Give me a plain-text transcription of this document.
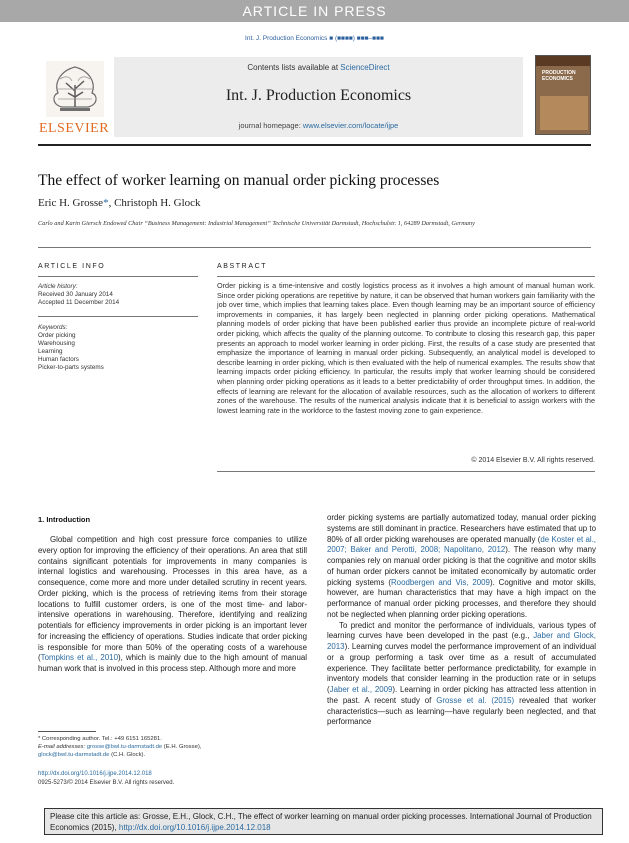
ARTICLE IN PRESS
Int. J. Production Economics ■ (■■■■) ■■■–■■■
ELSEVIER
Contents lists available at ScienceDirect
Int. J. Production Economics
journal homepage: www.elsevier.com/locate/ijpe
PRODUCTION ECONOMICS
The effect of worker learning on manual order picking processes
Eric H. Grosse*, Christoph H. Glock
Carlo and Karin Giersch Endowed Chair “Business Management: Industrial Management” Technische Universität Darmstadt, Hochschulstr. 1, 64289 Darmstadt, Germany
ARTICLE INFO
Article history:
Received 30 January 2014
Accepted 11 December 2014
Keywords:
Order picking
Warehousing
Learning
Human factors
Picker-to-parts systems
ABSTRACT
Order picking is a time-intensive and costly logistics process as it involves a high amount of manual human work. Since order picking operations are repetitive by nature, it can be observed that human workers gain familiarity with the job over time, which implies that learning takes place. Even though learning may be an important source of efficiency improvements in companies, it has largely been neglected in planning order picking operations. Mathematical planning models of order picking that have been published earlier thus provide an incomplete picture of real-world order picking, which affects the quality of the planning outcome. To contribute to closing this research gap, this paper presents an approach to model worker learning in order picking. First, the results of a case study are presented that emphasize the importance of learning in manual order picking. Subsequently, an analytical model is developed to describe learning in order picking, which is then evaluated with the help of numerical examples. The results show that learning impacts order picking efficiency. In particular, the results imply that worker learning should be considered when planning order picking operations as it leads to a better predictability of order throughput times. In addition, the effects of learning are relevant for the allocation of available resources, such as the allocation of workers to different zones of the warehouse. The results of the numerical analysis indicate that it is beneficial to assign workers with the lowest learning rate in the workforce to the fastest moving zone to gain experience.
© 2014 Elsevier B.V. All rights reserved.
1. Introduction

Global competition and high cost pressure force companies to utilize every option for improving the efficiency of their operations. An area that still contains significant potentials for improvements in many companies is internal logistics and warehousing. Processes in this area have, as a consequence, come more and more under detailed scrutiny in recent years. Order picking, which is the process of retrieving items from their storage locations to fulfill customer orders, is one of the most time- and labor-intensive operations in warehousing. Therefore, identifying and realizing potentials for efficiency improvements in order picking is an important lever for increasing the efficiency of operations. Studies indicate that order picking is responsible for more than 50% of the operating costs of a warehouse (Tompkins et al., 2010), which is mainly due to the high amount of manual human work that is involved in this process step. Although more and more

order picking systems are partially automatized today, manual order picking systems are still dominant in practice. Researchers have estimated that up to 80% of all order picking warehouses are operated manually (de Koster et al., 2007; Baker and Perotti, 2008; Napolitano, 2012). The reason why many companies rely on manual order picking is that the cognitive and motor skills of human order pickers cannot be imitated economically by automatic order picking systems (Roodbergen and Vis, 2009). Cognitive and motor skills, however, are human characteristics that may have a high impact on the performance of manual order picking processes, and therefore they should not be neglected when planning order picking operations.

To predict and monitor the performance of individuals, various types of learning curves have been developed in the past (e.g., Jaber and Glock, 2013). Learning curves model the performance improvement of an individual or a group performing a task over time as a result of accumulated experience. They facilitate better performance predictability, for example in inventory models that consider learning in the production rate or in setups (Jaber et al., 2009). Learning in order picking has attracted less attention in the past. A recent study of Grosse et al. (2015) revealed that worker characteristics—such as learning—have regularly been neglected, and that performance

* Corresponding author. Tel.: +49 6151 165281.
E-mail addresses: grosse@bwl.tu-darmstadt.de (E.H. Grosse),
glock@bwl.tu-darmstadt.de (C.H. Glock).
http://dx.doi.org/10.1016/j.ijpe.2014.12.018
0925-5273/© 2014 Elsevier B.V. All rights reserved.
Please cite this article as: Grosse, E.H., Glock, C.H., The effect of worker learning on manual order picking processes. International Journal of Production Economics (2015), http://dx.doi.org/10.1016/j.ijpe.2014.12.018
